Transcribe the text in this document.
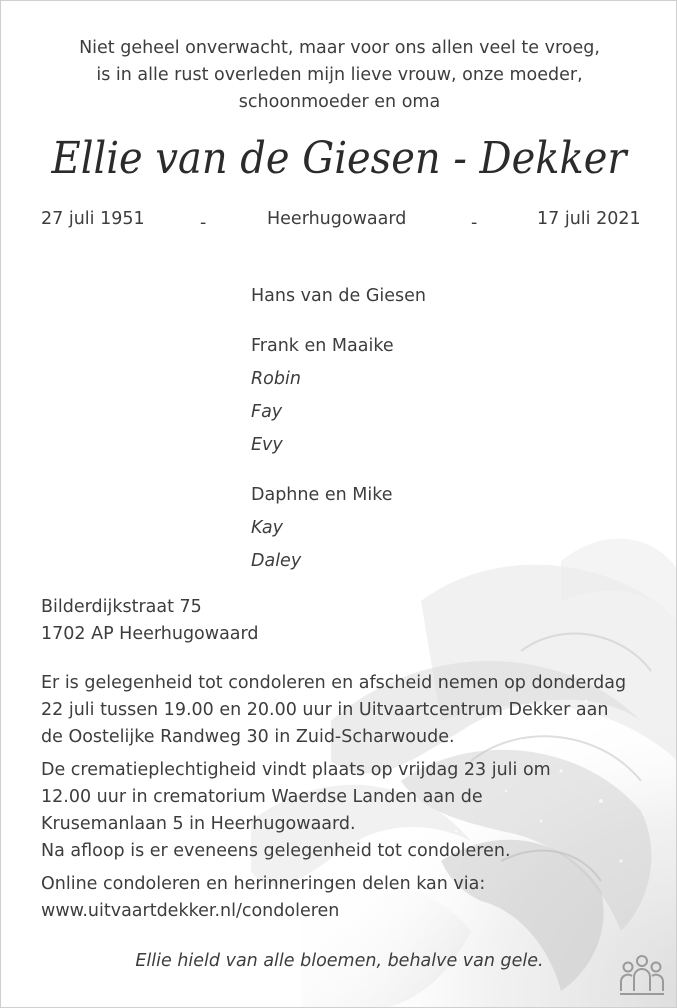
Niet geheel onverwacht, maar voor ons allen veel te vroeg,
is in alle rust overleden mijn lieve vrouw, onze moeder,
schoonmoeder en oma
Ellie van de Giesen - Dekker
27 juli 1951	-	Heerhugowaard	-	17 juli 2021
Hans van de Giesen
Frank en Maaike
Robin
Fay
Evy
Daphne en Mike
Kay
Daley
Bilderdijkstraat 75
1702 AP Heerhugowaard
Er is gelegenheid tot condoleren en afscheid nemen op donderdag
22 juli tussen 19.00 en 20.00 uur in Uitvaartcentrum Dekker aan
de Oostelijke Randweg 30 in Zuid-Scharwoude.
De crematieplechtigheid vindt plaats op vrijdag 23 juli om
12.00 uur in crematorium Waerdse Landen aan de
Krusemanlaan 5 in Heerhugowaard.
Na afloop is er eveneens gelegenheid tot condoleren.
Online condoleren en herinneringen delen kan via:
www.uitvaartdekker.nl/condoleren
Ellie hield van alle bloemen, behalve van gele.
